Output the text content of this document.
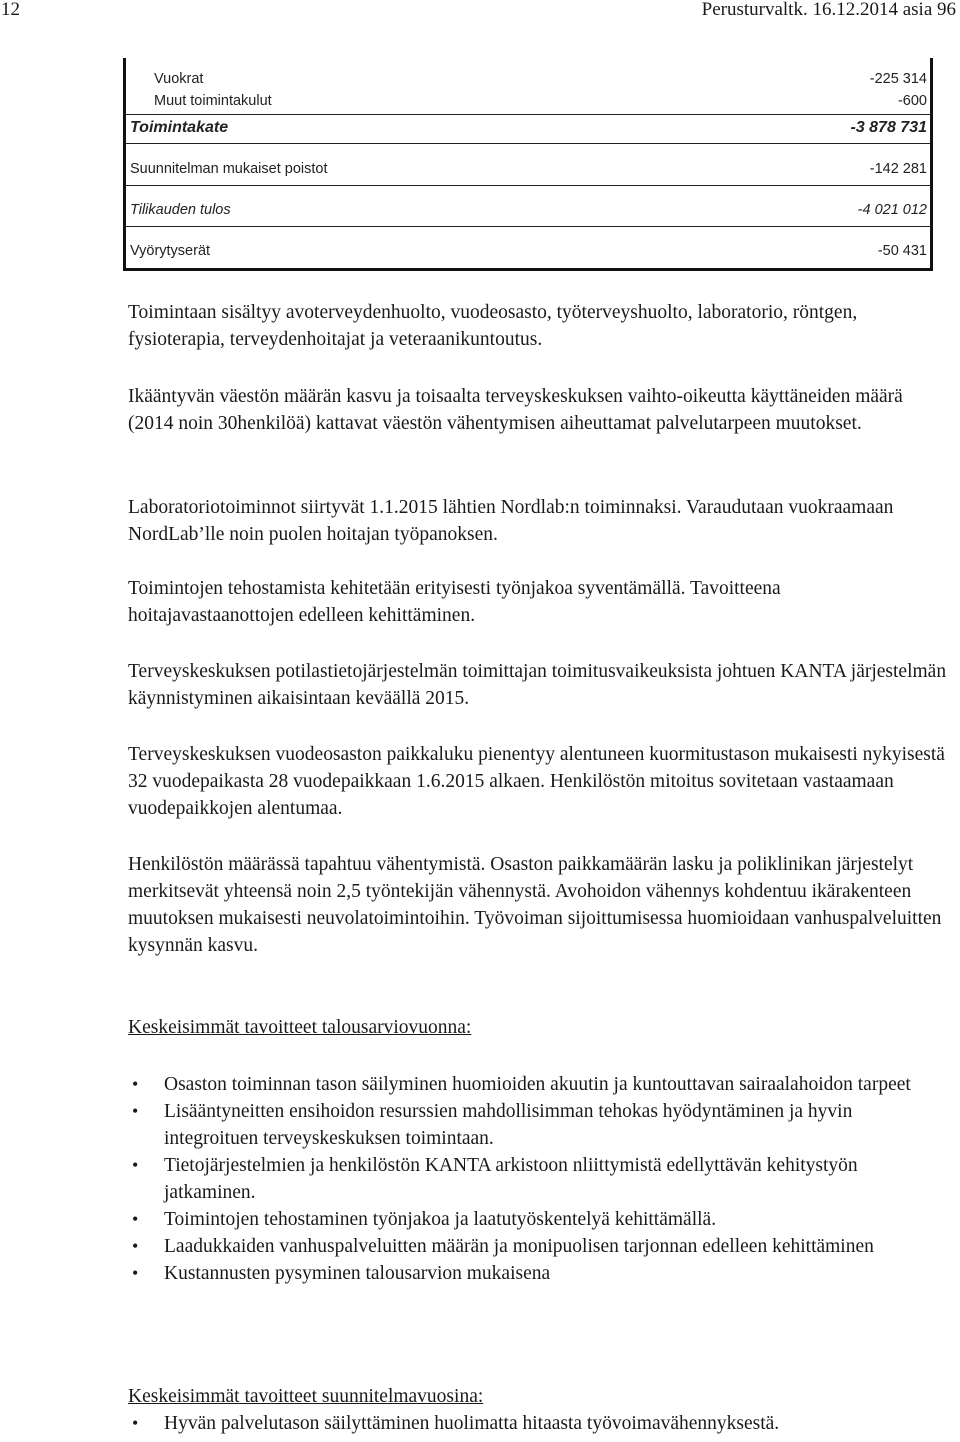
12	Perusturvaltk. 16.12.2014 asia 96
Vuokrat	-225 314
Muut toimintakulut	-600
Toimintakate	-3 878 731
Suunnitelman mukaiset poistot	-142 281
Tilikauden tulos	-4 021 012
Vyörytyserät	-50 431

Toimintaan sisältyy avoterveydenhuolto, vuodeosasto, työterveyshuolto, laboratorio, röntgen, fysioterapia, terveydenhoitajat ja veteraanikuntoutus.

Ikääntyvän väestön määrän kasvu ja toisaalta terveyskeskuksen vaihto-oikeutta käyttäneiden määrä (2014 noin 30henkilöä) kattavat väestön vähentymisen aiheuttamat palvelutarpeen muutokset.

Laboratoriotoiminnot siirtyvät 1.1.2015 lähtien Nordlab:n toiminnaksi. Varaudutaan vuokraamaan NordLab’lle noin puolen hoitajan työpanoksen.

Toimintojen tehostamista kehitetään erityisesti työnjakoa syventämällä. Tavoitteena hoitajavastaanottojen edelleen kehittäminen.

Terveyskeskuksen potilastietojärjestelmän toimittajan toimitusvaikeuksista johtuen KANTA järjestelmän käynnistyminen aikaisintaan keväällä 2015.

Terveyskeskuksen vuodeosaston paikkaluku pienentyy alentuneen kuormitustason mukaisesti nykyisestä 32 vuodepaikasta 28 vuodepaikkaan 1.6.2015 alkaen. Henkilöstön mitoitus sovitetaan vastaamaan vuodepaikkojen alentumaa.

Henkilöstön määrässä tapahtuu vähentymistä. Osaston paikkamäärän lasku ja poliklinikan järjestelyt merkitsevät yhteensä noin 2,5 työntekijän vähennystä. Avohoidon vähennys kohdentuu ikärakenteen muutoksen mukaisesti neuvolatoimintoihin. Työvoiman sijoittumisessa huomioidaan vanhuspalveluitten kysynnän kasvu.

Keskeisimmät tavoitteet talousarviovuonna:
• Osaston toiminnan tason säilyminen huomioiden akuutin ja kuntouttavan sairaalahoidon tarpeet
• Lisääntyneitten ensihoidon resurssien mahdollisimman tehokas hyödyntäminen ja hyvin integroituen terveyskeskuksen toimintaan.
• Tietojärjestelmien ja henkilöstön KANTA arkistoon nliittymistä edellyttävän kehitystyön jatkaminen.
• Toimintojen tehostaminen työnjakoa ja laatutyöskentelyä kehittämällä.
• Laadukkaiden vanhuspalveluitten määrän ja monipuolisen tarjonnan edelleen kehittäminen
• Kustannusten pysyminen talousarvion mukaisena
Keskeisimmät tavoitteet suunnitelmavuosina:
• Hyvän palvelutason säilyttäminen huolimatta hitaasta työvoimavähennyksestä.
